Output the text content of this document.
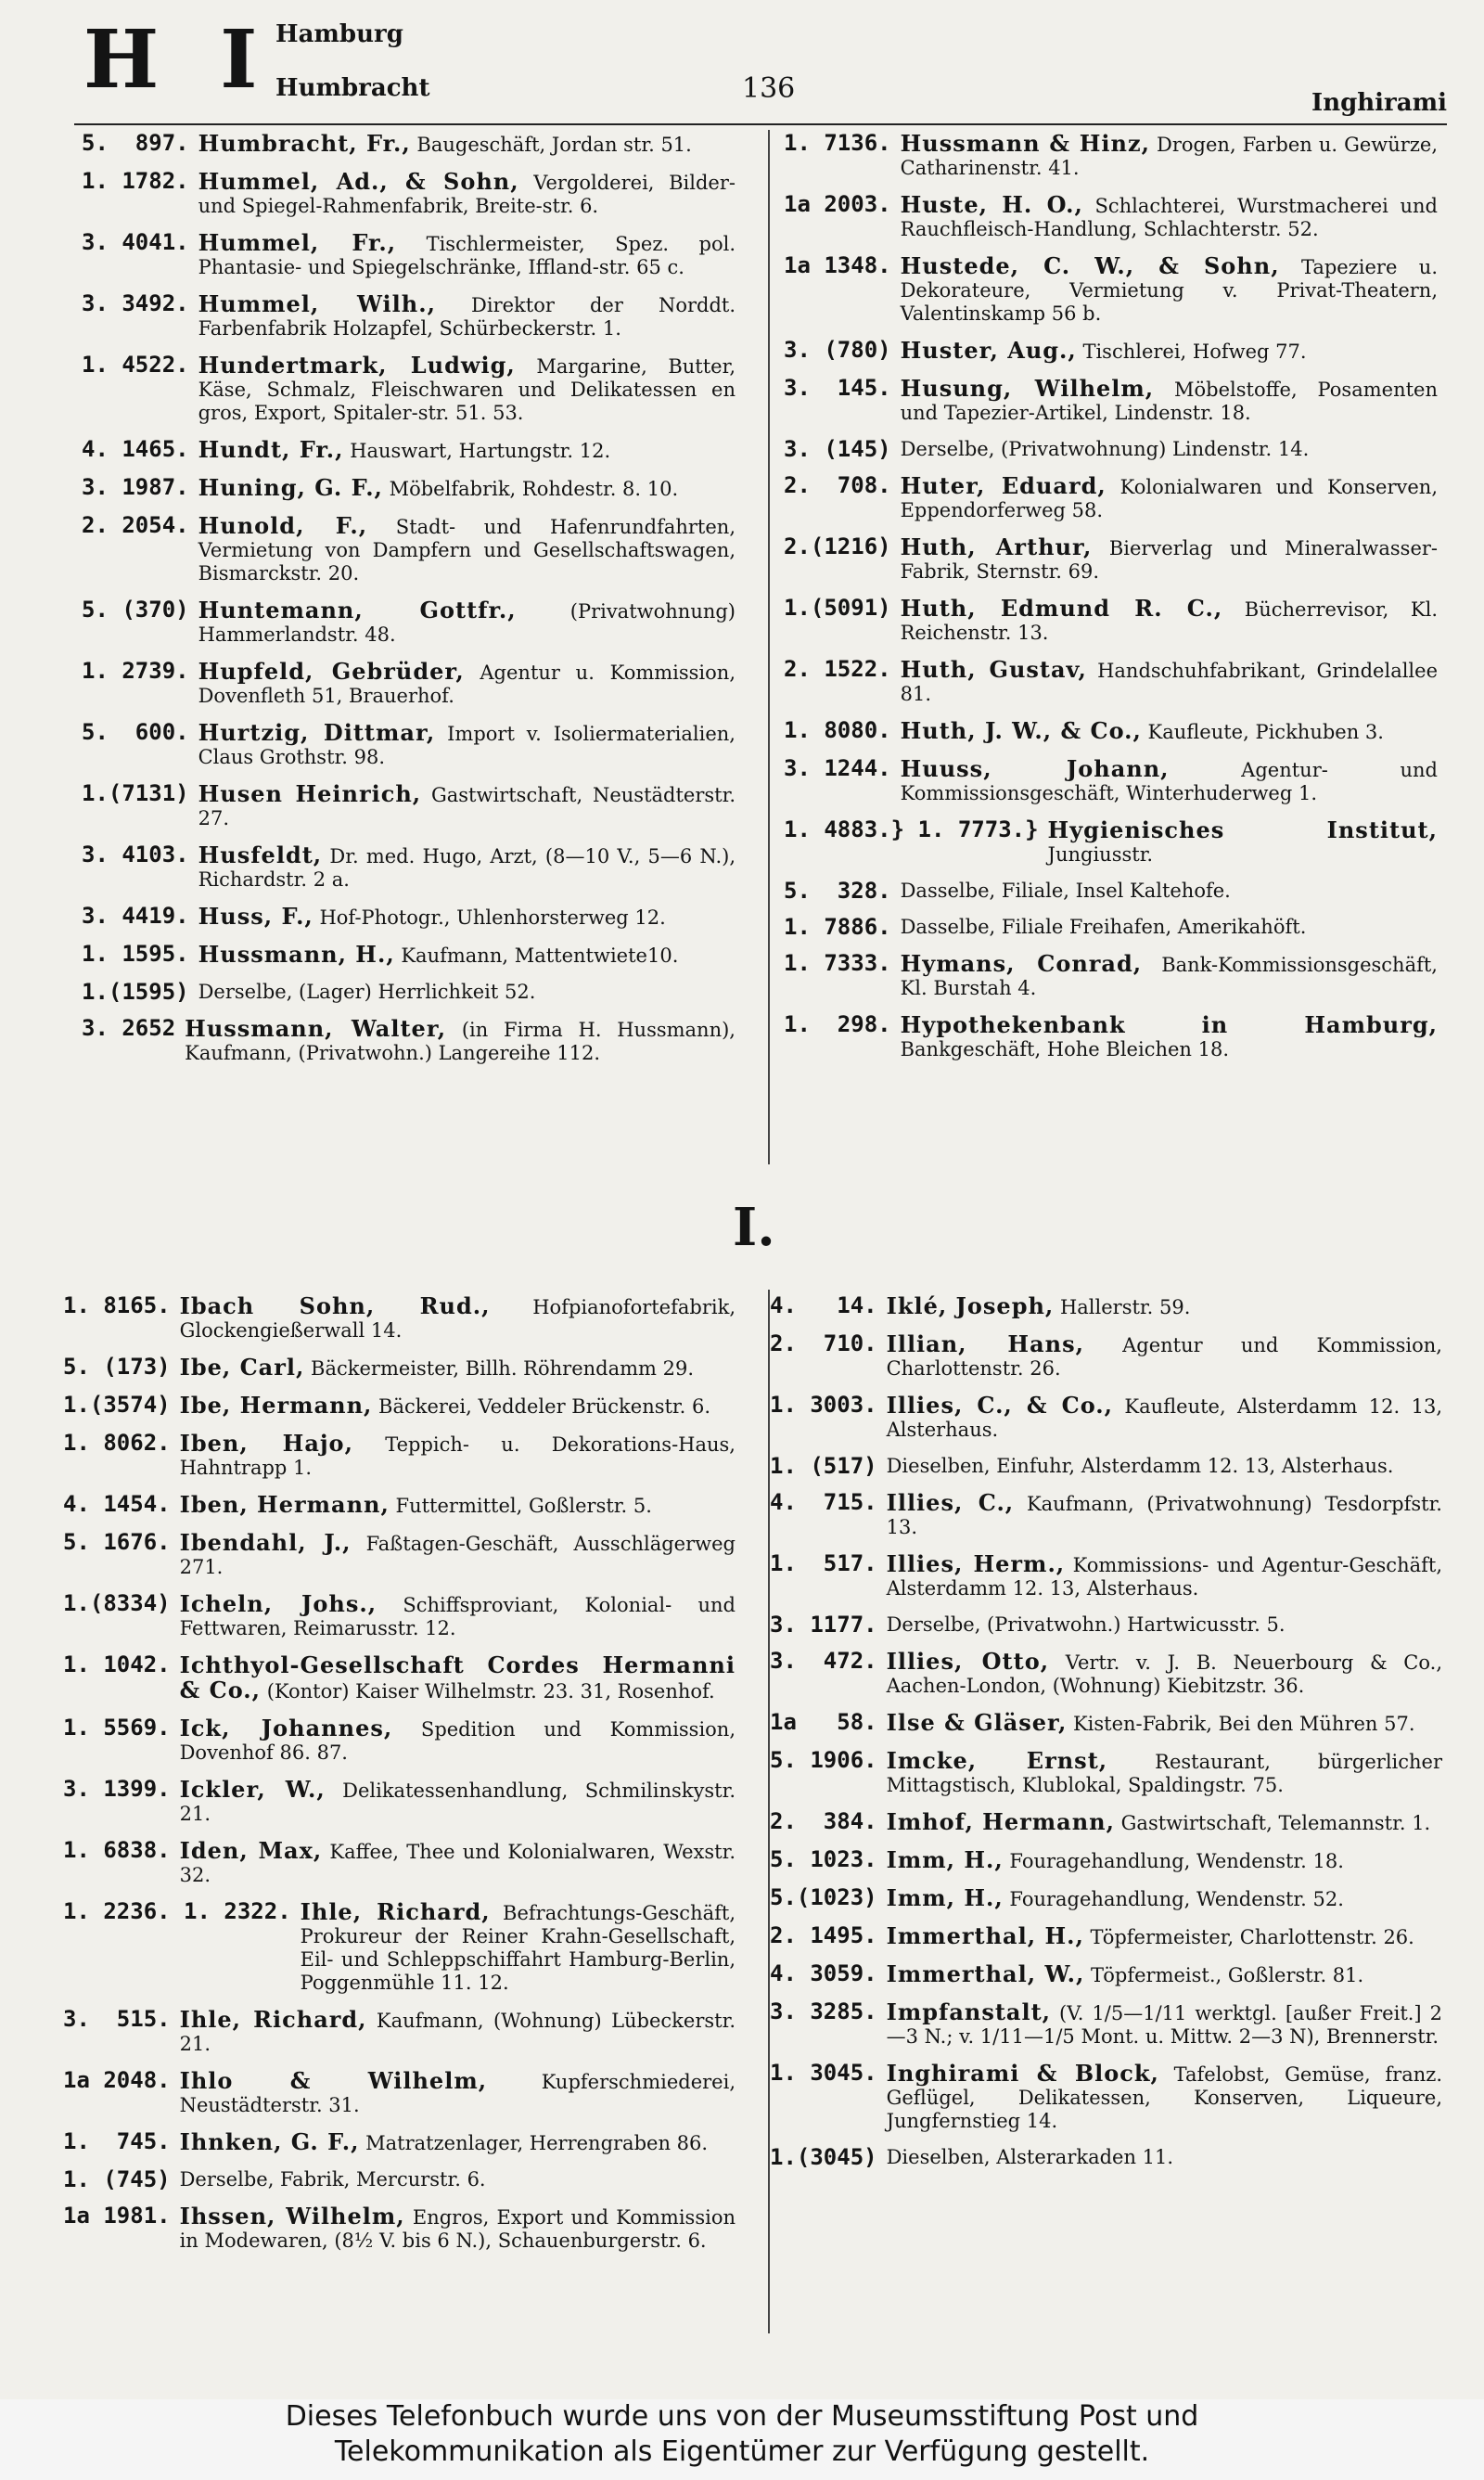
H I Hamburg
Humbracht	136	Inghirami
5.  897. Humbracht, Fr., Baugeschäft, Jordan str. 51.
1. 1782. Hummel, Ad., & Sohn, Vergolderei, Bilder- und Spiegel-Rahmenfabrik, Breite-str. 6.
3. 4041. Hummel, Fr., Tischlermeister, Spez. pol. Phantasie- und Spiegelschränke, Iffland-str. 65 c.
3. 3492. Hummel, Wilh., Direktor der Norddt. Farbenfabrik Holzapfel, Schürbeckerstr. 1.
1. 4522. Hundertmark, Ludwig, Margarine, Butter, Käse, Schmalz, Fleischwaren und Delikatessen en gros, Export, Spitaler-str. 51. 53.
4. 1465. Hundt, Fr., Hauswart, Hartungstr. 12.
3. 1987. Huning, G. F., Möbelfabrik, Rohdestr. 8. 10.
2. 2054. Hunold, F., Stadt- und Hafenrundfahrten, Vermietung von Dampfern und Gesellschaftswagen, Bismarckstr. 20.
5. (370) Huntemann, Gottfr., (Privatwohnung) Hammerlandstr. 48.
1. 2739. Hupfeld, Gebrüder, Agentur u. Kommission, Dovenfleth 51, Brauerhof.
5.  600. Hurtzig, Dittmar, Import v. Isoliermaterialien, Claus Grothstr. 98.
1.(7131) Husen Heinrich, Gastwirtschaft, Neustädterstr. 27.
3. 4103. Husfeldt, Dr. med. Hugo, Arzt, (8—10 V., 5—6 N.), Richardstr. 2 a.
3. 4419. Huss, F., Hof-Photogr., Uhlenhorsterweg 12.
1. 1595. Hussmann, H., Kaufmann, Mattentwiete10.
1.(1595) Derselbe, (Lager) Herrlichkeit 52.
3. 2652 Hussmann, Walter, (in Firma H. Hussmann), Kaufmann, (Privatwohn.) Langereihe 112.
1. 7136. Hussmann & Hinz, Drogen, Farben u. Gewürze, Catharinenstr. 41.
1a 2003. Huste, H. O., Schlachterei, Wurstmacherei und Rauchfleisch-Handlung, Schlachterstr. 52.
1a 1348. Hustede, C. W., & Sohn, Tapeziere u. Dekorateure, Vermietung v. Privat-Theatern, Valentinskamp 56 b.
3. (780) Huster, Aug., Tischlerei, Hofweg 77.
3.  145. Husung, Wilhelm, Möbelstoffe, Posamenten und Tapezier-Artikel, Lindenstr. 18.
3. (145) Derselbe, (Privatwohnung) Lindenstr. 14.
2.  708. Huter, Eduard, Kolonialwaren und Konserven, Eppendorferweg 58.
2.(1216) Huth, Arthur, Bierverlag und Mineralwasser-Fabrik, Sternstr. 69.
1.(5091) Huth, Edmund R. C., Bücherrevisor, Kl. Reichenstr. 13.
2. 1522. Huth, Gustav, Handschuhfabrikant, Grindelallee 81.
1. 8080. Huth, J. W., & Co., Kaufleute, Pickhuben 3.
3. 1244. Huuss, Johann, Agentur- und Kommissionsgeschäft, Winterhuderweg 1.
1. 4883.} 1. 7773.} Hygienisches Institut, Jungiusstr.
5.  328. Dasselbe, Filiale, Insel Kaltehofe.
1. 7886. Dasselbe, Filiale Freihafen, Amerikahöft.
1. 7333. Hymans, Conrad, Bank-Kommissionsgeschäft, Kl. Burstah 4.
1.  298. Hypothekenbank in Hamburg, Bankgeschäft, Hohe Bleichen 18.
I.
1. 8165. Ibach Sohn, Rud., Hofpianofortefabrik, Glockengießerwall 14.
5. (173) Ibe, Carl, Bäckermeister, Billh. Röhrendamm 29.
1.(3574) Ibe, Hermann, Bäckerei, Veddeler Brückenstr. 6.
1. 8062. Iben, Hajo, Teppich- u. Dekorations-Haus, Hahntrapp 1.
4. 1454. Iben, Hermann, Futtermittel, Goßlerstr. 5.
5. 1676. Ibendahl, J., Faßtagen-Geschäft, Ausschlägerweg 271.
1.(8334) Icheln, Johs., Schiffsproviant, Kolonial- und Fettwaren, Reimarusstr. 12.
1. 1042. Ichthyol-Gesellschaft Cordes Hermanni & Co., (Kontor) Kaiser Wilhelmstr. 23. 31, Rosenhof.
1. 5569. Ick, Johannes, Spedition und Kommission, Dovenhof 86. 87.
3. 1399. Ickler, W., Delikatessenhandlung, Schmilinskystr. 21.
1. 6838. Iden, Max, Kaffee, Thee und Kolonialwaren, Wexstr. 32.
1. 2236. 1. 2322. Ihle, Richard, Befrachtungs-Geschäft, Prokureur der Reiner Krahn-Gesellschaft, Eil- und Schleppschiffahrt Hamburg-Berlin, Poggenmühle 11. 12.
3.  515. Ihle, Richard, Kaufmann, (Wohnung) Lübeckerstr. 21.
1a 2048. Ihlo & Wilhelm, Kupferschmiederei, Neustädterstr. 31.
1.  745. Ihnken, G. F., Matratzenlager, Herrengraben 86.
1. (745) Derselbe, Fabrik, Mercurstr. 6.
1a 1981. Ihssen, Wilhelm, Engros, Export und Kommission in Modewaren, (8½ V. bis 6 N.), Schauenburgerstr. 6.
4.   14. Iklé, Joseph, Hallerstr. 59.
2.  710. Illian, Hans, Agentur und Kommission, Charlottenstr. 26.
1. 3003. Illies, C., & Co., Kaufleute, Alsterdamm 12. 13, Alsterhaus.
1. (517) Dieselben, Einfuhr, Alsterdamm 12. 13, Alsterhaus.
4.  715. Illies, C., Kaufmann, (Privatwohnung) Tesdorpfstr. 13.
1.  517. Illies, Herm., Kommissions- und Agentur-Geschäft, Alsterdamm 12. 13, Alsterhaus.
3. 1177. Derselbe, (Privatwohn.) Hartwicusstr. 5.
3.  472. Illies, Otto, Vertr. v. J. B. Neuerbourg & Co., Aachen-London, (Wohnung) Kiebitzstr. 36.
1a   58. Ilse & Gläser, Kisten-Fabrik, Bei den Mühren 57.
5. 1906. Imcke, Ernst, Restaurant, bürgerlicher Mittagstisch, Klublokal, Spaldingstr. 75.
2.  384. Imhof, Hermann, Gastwirtschaft, Telemannstr. 1.
5. 1023. Imm, H., Fouragehandlung, Wendenstr. 18.
5.(1023) Imm, H., Fouragehandlung, Wendenstr. 52.
2. 1495. Immerthal, H., Töpfermeister, Charlottenstr. 26.
4. 3059. Immerthal, W., Töpfermeist., Goßlerstr. 81.
3. 3285. Impfanstalt, (V. 1/5—1/11 werktgl. [außer Freit.] 2—3 N.; v. 1/11—1/5 Mont. u. Mittw. 2—3 N), Brennerstr.
1. 3045. Inghirami & Block, Tafelobst, Gemüse, franz. Geflügel, Delikatessen, Konserven, Liqueure, Jungfernstieg 14.
1.(3045) Dieselben, Alsterarkaden 11.
Dieses Telefonbuch wurde uns von der Museumsstiftung Post und
Telekommunikation als Eigentümer zur Verfügung gestellt.
